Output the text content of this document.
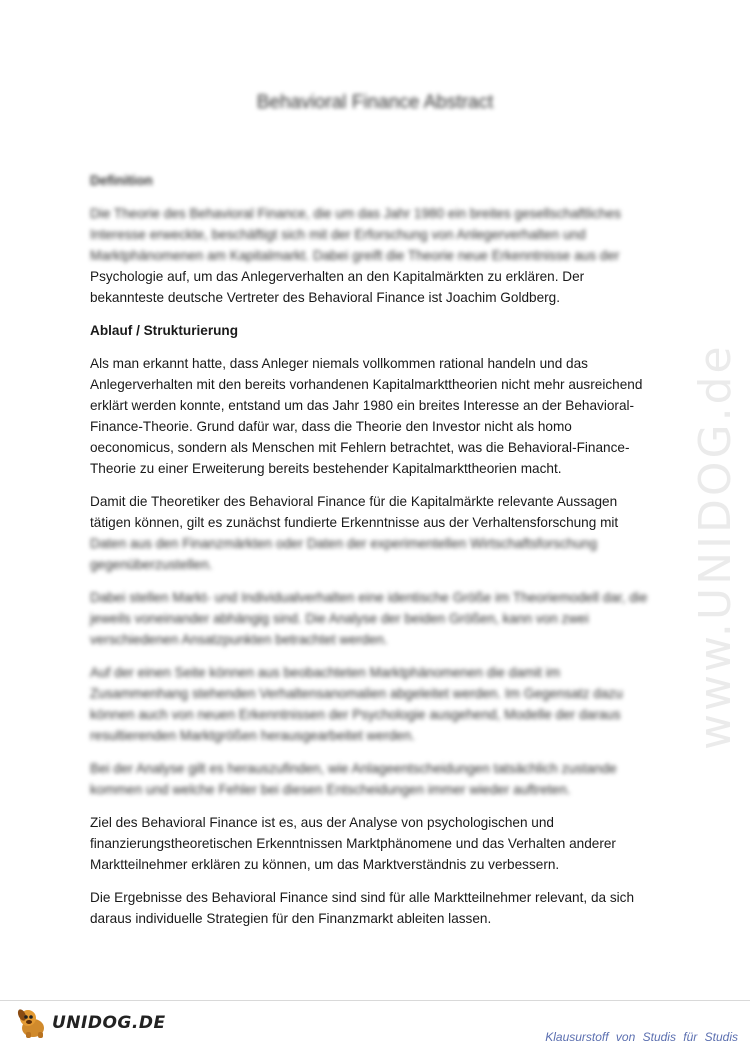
www.UNIDOG.de
Behavioral Finance Abstract

Definition

Die Theorie des Behavioral Finance, die um das Jahr 1980 ein breites gesellschaftliches Interesse erweckte, beschäftigt sich mit der Erforschung von Anlegerverhalten und Marktphänomenen am Kapitalmarkt. Dabei greift die Theorie neue Erkenntnisse aus der Psychologie auf, um das Anlegerverhalten an den Kapitalmärkten zu erklären. Der bekannteste deutsche Vertreter des Behavioral Finance ist Joachim Goldberg.

Ablauf / Strukturierung

Als man erkannt hatte, dass Anleger niemals vollkommen rational handeln und das Anlegerverhalten mit den bereits vorhandenen Kapitalmarkttheorien nicht mehr ausreichend erklärt werden konnte, entstand um das Jahr 1980 ein breites Interesse an der Behavioral-Finance-Theorie. Grund dafür war, dass die Theorie den Investor nicht als homo oeconomicus, sondern als Menschen mit Fehlern betrachtet, was die Behavioral-Finance-Theorie zu einer Erweiterung bereits bestehender Kapitalmarkttheorien macht.

Damit die Theoretiker des Behavioral Finance für die Kapitalmärkte relevante Aussagen tätigen können, gilt es zunächst fundierte Erkenntnisse aus der Verhaltensforschung mit Daten aus den Finanzmärkten oder Daten der experimentellen Wirtschaftsforschung gegenüberzustellen.

Dabei stellen Markt- und Individualverhalten eine identische Größe im Theoriemodell dar, die jeweils voneinander abhängig sind. Die Analyse der beiden Größen, kann von zwei verschiedenen Ansatzpunkten betrachtet werden.

Auf der einen Seite können aus beobachteten Marktphänomenen die damit im Zusammenhang stehenden Verhaltensanomalien abgeleitet werden. Im Gegensatz dazu können auch von neuen Erkenntnissen der Psychologie ausgehend, Modelle der daraus resultierenden Marktgrößen herausgearbeitet werden.

Bei der Analyse gilt es herauszufinden, wie Anlageentscheidungen tatsächlich zustande kommen und welche Fehler bei diesen Entscheidungen immer wieder auftreten.

Ziel des Behavioral Finance ist es, aus der Analyse von psychologischen und finanzierungstheoretischen Erkenntnissen Marktphänomene und das Verhalten anderer Marktteilnehmer erklären zu können, um das Marktverständnis zu verbessern.

Die Ergebnisse des Behavioral Finance sind sind für alle Marktteilnehmer relevant, da sich daraus individuelle Strategien für den Finanzmarkt ableiten lassen.

UNIDOG.DE
Klausurstoff von Studis für Studis
